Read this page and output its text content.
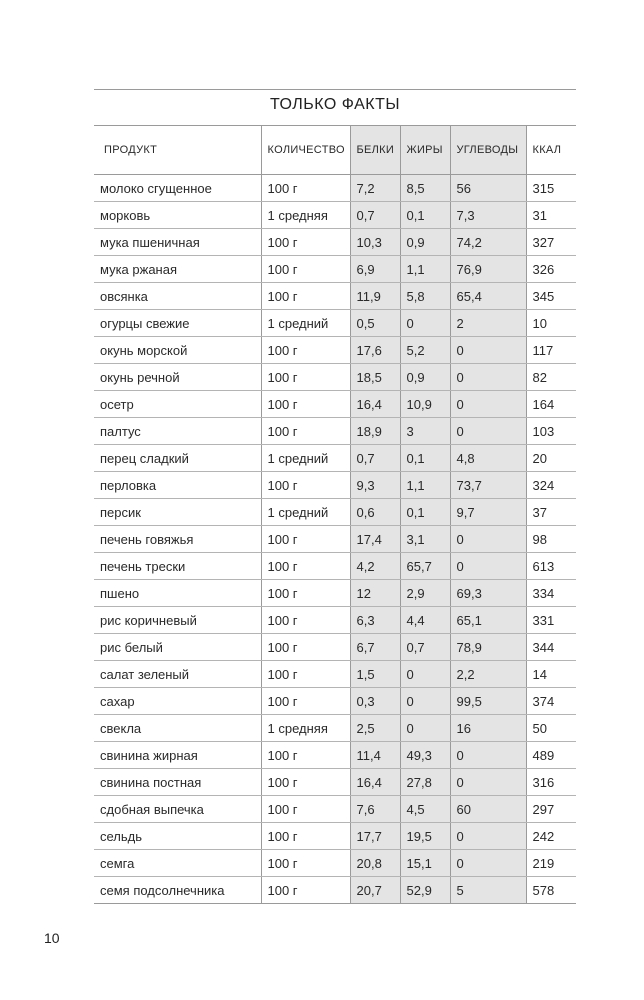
ТОЛЬКО ФАКТЫ
ПРОДУКТ	КОЛИЧЕСТВО	БЕЛКИ	ЖИРЫ	УГЛЕВОДЫ	ККАЛ
молоко сгущенное	100 г	7,2	8,5	56	315
морковь	1 средняя	0,7	0,1	7,3	31
мука пшеничная	100 г	10,3	0,9	74,2	327
мука ржаная	100 г	6,9	1,1	76,9	326
овсянка	100 г	11,9	5,8	65,4	345
огурцы свежие	1 средний	0,5	0	2	10
окунь морской	100 г	17,6	5,2	0	117
окунь речной	100 г	18,5	0,9	0	82
осетр	100 г	16,4	10,9	0	164
палтус	100 г	18,9	3	0	103
перец сладкий	1 средний	0,7	0,1	4,8	20
перловка	100 г	9,3	1,1	73,7	324
персик	1 средний	0,6	0,1	9,7	37
печень говяжья	100 г	17,4	3,1	0	98
печень трески	100 г	4,2	65,7	0	613
пшено	100 г	12	2,9	69,3	334
рис коричневый	100 г	6,3	4,4	65,1	331
рис белый	100 г	6,7	0,7	78,9	344
салат зеленый	100 г	1,5	0	2,2	14
сахар	100 г	0,3	0	99,5	374
свекла	1 средняя	2,5	0	16	50
свинина жирная	100 г	11,4	49,3	0	489
свинина постная	100 г	16,4	27,8	0	316
сдобная выпечка	100 г	7,6	4,5	60	297
сельдь	100 г	17,7	19,5	0	242
семга	100 г	20,8	15,1	0	219
семя подсолнечника	100 г	20,7	52,9	5	578
10
